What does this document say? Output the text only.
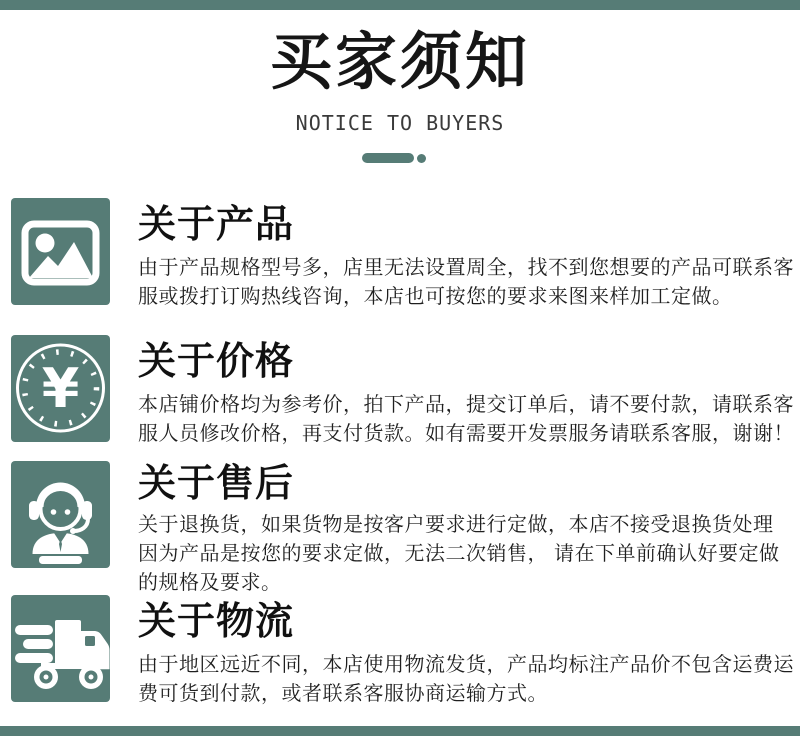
买家须知
NOTICE TO BUYERS
关于产品
由于产品规格型号多，店里无法设置周全，找不到您想要的产品可联系客
服或拨打订购热线咨询，本店也可按您的要求来图来样加工定做。
¥ 关于价格
本店铺价格均为参考价，拍下产品，提交订单后，请不要付款，请联系客
服人员修改价格，再支付货款。如有需要开发票服务请联系客服，谢谢！
关于售后
关于退换货，如果货物是按客户要求进行定做，本店不接受退换货处理
因为产品是按您的要求定做，无法二次销售， 请在下单前确认好要定做
的规格及要求。
关于物流
由于地区远近不同，本店使用物流发货，产品均标注产品价不包含运费运
费可货到付款，或者联系客服协商运输方式。
